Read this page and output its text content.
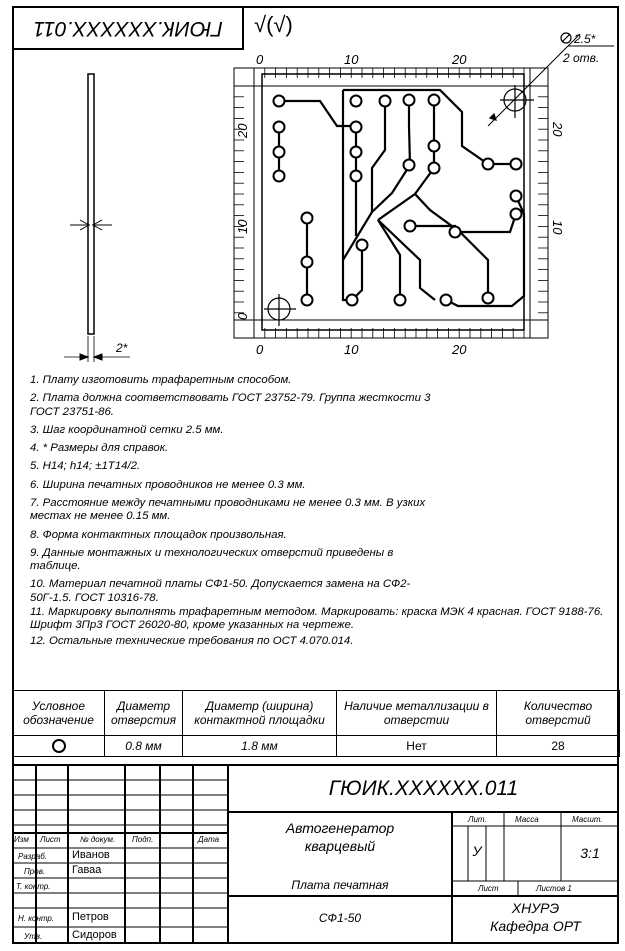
ГЮИК.XXXXXX.011	√(√)
2*
0	10	20
0	10	20
20
10
0
20
10
2.5*
2 отв.
1. Плату изготовить трафаретным способом.
2. Плата должна соответствовать ГОСТ 23752-79. Группа жесткости 3 ГОСТ 23751-86.
3. Шаг координатной сетки 2.5 мм.
4. * Размеры для справок.
5. H14; h14; ±1T14/2.
6. Ширина печатных проводников не менее 0.3 мм.
7. Расстояние между печатными проводниками не менее 0.3 мм. В узких местах не менее 0.15 мм.
8. Форма контактных площадок произвольная.
9. Данные монтажных и технологических отверстий приведены в таблице.
10. Материал печатной платы СФ1-50. Допускается замена на СФ2-50Г-1.5. ГОСТ 10316-78.
11. Маркировку выполнять трафаретным методом. Маркировать: краска МЭК 4 красная. ГОСТ 9188-76. Шрифт 3Пр3 ГОСТ 26020-80, кроме указанных на чертеже.
12. Остальные технические требования по ОСТ 4.070.014.
Условное обозначение	Диаметр отверстия	Диаметр (ширина) контактной площадки	Наличие металлизации в отверстии	Количество отверстий
	0.8 мм	1.8 мм	Нет	28
ГЮИК.XXXXXX.011
Автогенератор
кварцевый
Плата печатная
СФ1-50
ХНУРЭ
Кафедра ОРТ
Лит.	Масса	Масшт.
У	3:1
Лист	Листов 1
Изм Лист № докум. Подп.	Дата
Разраб.
Пров.
Т. контр.
Н. контр.
Утв.
Иванов
Гаваа
Петров
Сидоров
